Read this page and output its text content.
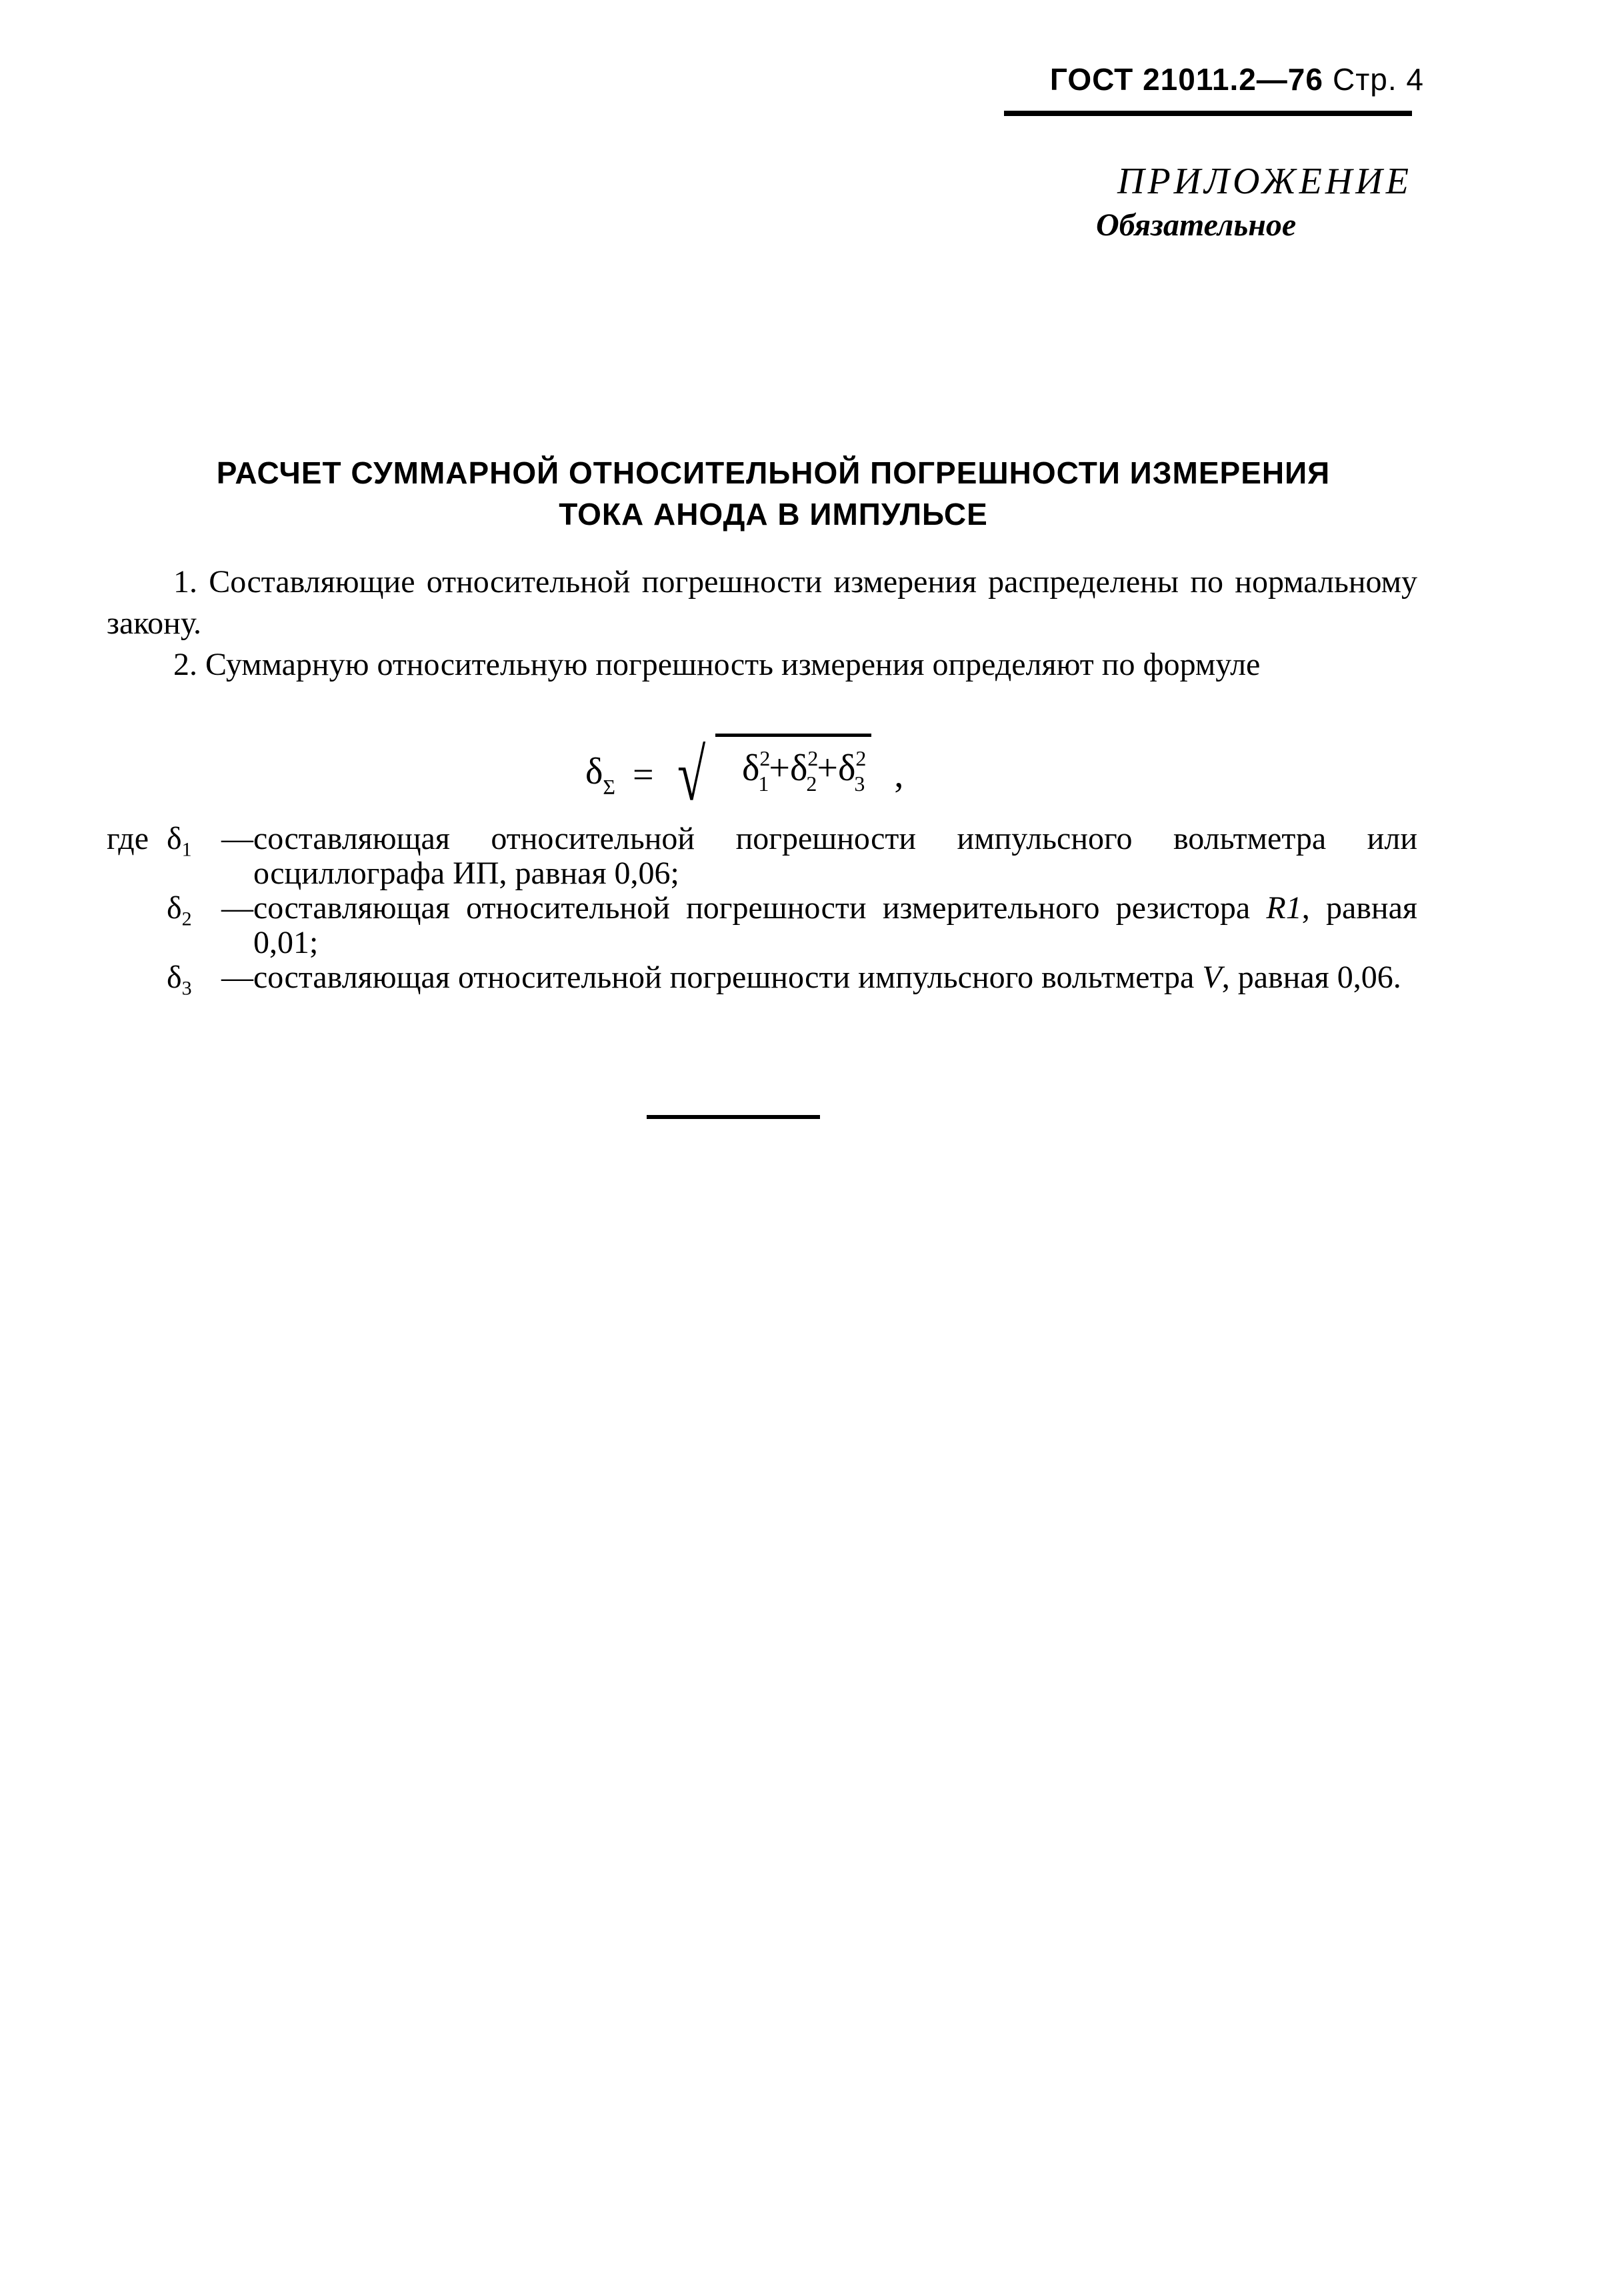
ГОСТ 21011.2—76 Стр. 4
ПРИЛОЖЕНИЕ
Обязательное
РАСЧЕТ СУММАРНОЙ ОТНОСИТЕЛЬНОЙ ПОГРЕШНОСТИ ИЗМЕРЕНИЯ
ТОКА АНОДА В ИМПУЛЬСЕ

1. Составляющие относительной погрешности измерения распределены по нормальному закону.

2. Суммарную относительную погрешность измерения определяют по формуле

$\delta_\Sigma$ = √ $\delta^2_1+\delta^2_2+\delta^2_3$ ,
где $\delta_1$ — составляющая относительной погрешности импульсного вольтметра или осциллографа ИП, равная 0,06;
$\delta_2$ — составляющая относительной погрешности измерительного резистора R1, равная 0,01;
$\delta_3$ — составляющая относительной погрешности импульсного вольтметра V, равная 0,06.
